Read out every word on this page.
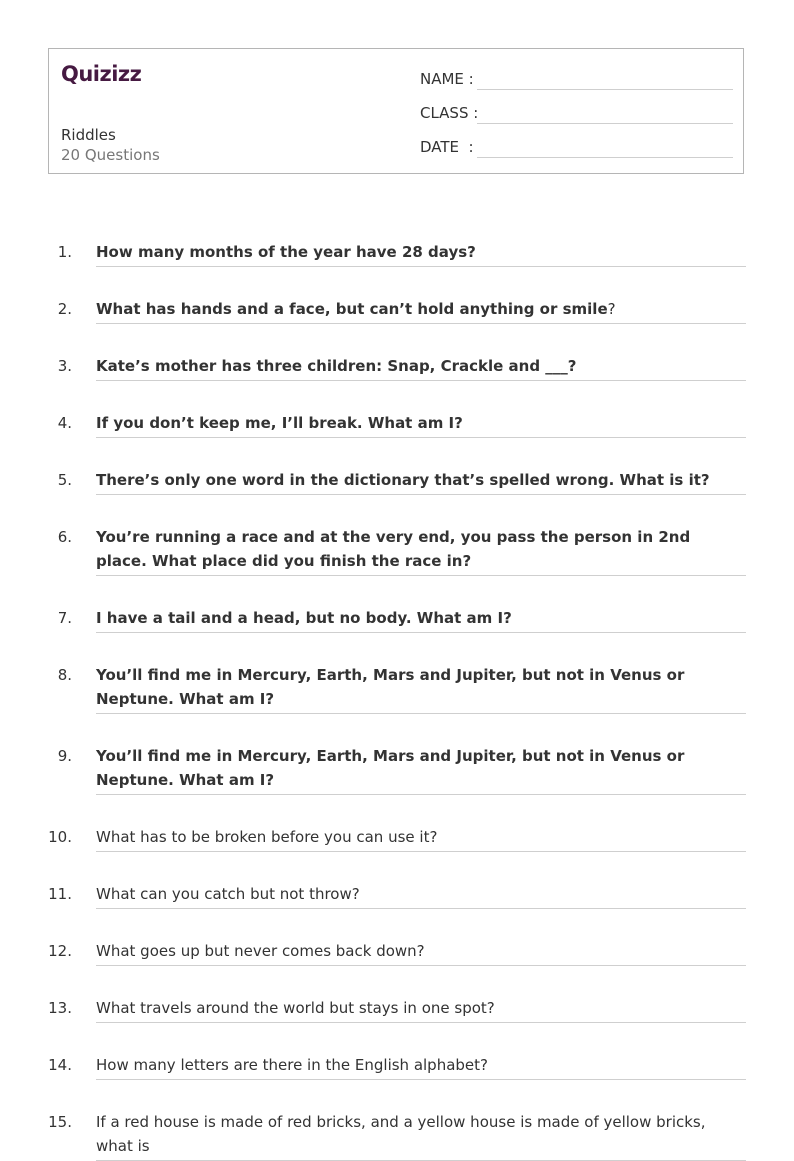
Quizizz
Riddles
20 Questions
NAME :
CLASS :
DATE  :
1. How many months of the year have 28 days?
2. What has hands and a face, but can’t hold anything or smile?
3. Kate’s mother has three children: Snap, Crackle and ___?
4. If you don’t keep me, I’ll break. What am I?
5. There’s only one word in the dictionary that’s spelled wrong. What is it?
6. You’re running a race and at the very end, you pass the person in 2nd place. What place did you finish the race in?
7. I have a tail and a head, but no body. What am I?
8. You’ll find me in Mercury, Earth, Mars and Jupiter, but not in Venus or Neptune. What am I?
9. You’ll find me in Mercury, Earth, Mars and Jupiter, but not in Venus or Neptune. What am I?
10. What has to be broken before you can use it?
11. What can you catch but not throw?
12. What goes up but never comes back down?
13. What travels around the world but stays in one spot?
14. How many letters are there in the English alphabet?
15. If a red house is made of red bricks, and a yellow house is made of yellow bricks, what is
